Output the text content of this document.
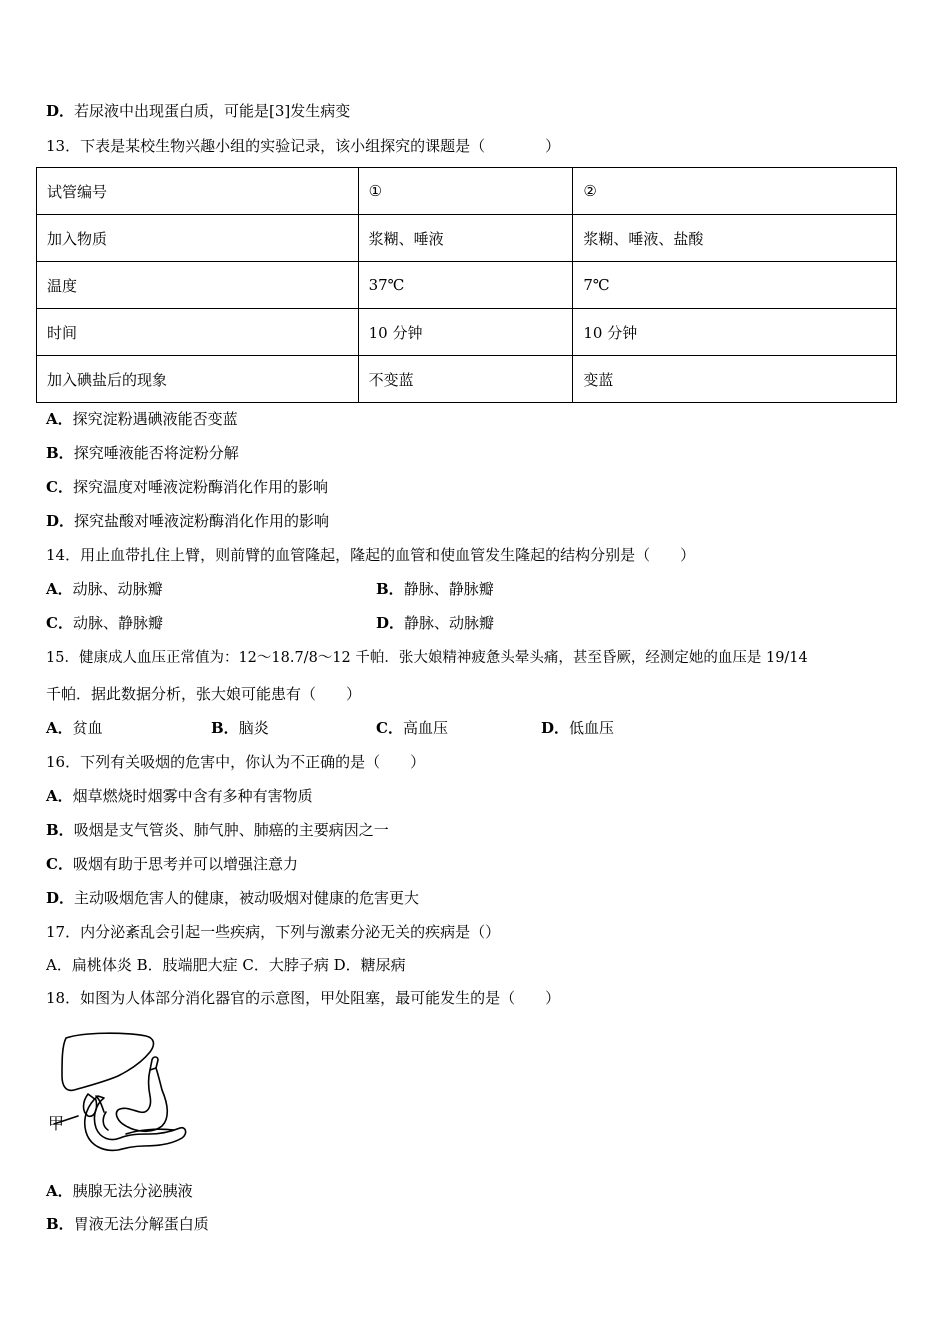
D．若尿液中出现蛋白质，可能是[3]发生病变
13．下表是某校生物兴趣小组的实验记录，该小组探究的课题是（　　　　）
试管编号	①	②
加入物质	浆糊、唾液	浆糊、唾液、盐酸
温度	37℃	7℃
时间	10 分钟	10 分钟
加入碘盐后的现象	不变蓝	变蓝
A．探究淀粉遇碘液能否变蓝
B．探究唾液能否将淀粉分解
C．探究温度对唾液淀粉酶消化作用的影响
D．探究盐酸对唾液淀粉酶消化作用的影响
14．用止血带扎住上臂，则前臂的血管隆起，隆起的血管和使血管发生隆起的结构分别是（　　）
A．动脉、动脉瓣	B．静脉、静脉瓣
C．动脉、静脉瓣	D．静脉、动脉瓣
15．健康成人血压正常值为：12～18.7/8～12 千帕．张大娘精神疲惫头晕头痛，甚至昏厥，经测定她的血压是 19/14
千帕．据此数据分析，张大娘可能患有（　　）
A．贫血	B．脑炎	C．高血压	D．低血压
16．下列有关吸烟的危害中，你认为不正确的是（　　）
A．烟草燃烧时烟雾中含有多种有害物质
B．吸烟是支气管炎、肺气肿、肺癌的主要病因之一
C．吸烟有助于思考并可以增强注意力
D．主动吸烟危害人的健康，被动吸烟对健康的危害更大
17．内分泌紊乱会引起一些疾病，下列与激素分泌无关的疾病是（）
A．扁桃体炎 B．肢端肥大症 C．大脖子病 D．糖尿病
18．如图为人体部分消化器官的示意图，甲处阻塞，最可能发生的是（　　）
甲
A．胰腺无法分泌胰液
B．胃液无法分解蛋白质
